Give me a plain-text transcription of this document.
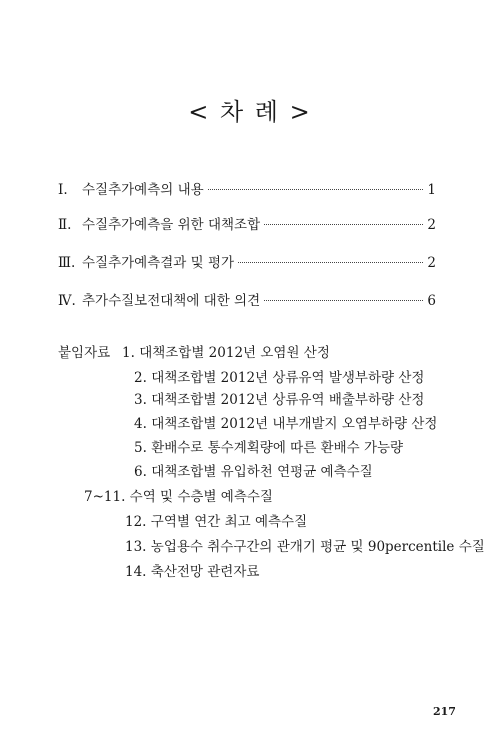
< 차 례 >
Ⅰ.	수질추가예측의 내용	1
Ⅱ. 수질추가예측을 위한 대책조합	2
Ⅲ. 수질추가예측결과 및 평가	2
Ⅳ. 추가수질보전대책에 대한 의견	6
붙임자료 1. 대책조합별 2012년 오염원 산정
2. 대책조합별 2012년 상류유역 발생부하량 산정
3. 대책조합별 2012년 상류유역 배출부하량 산정
4. 대책조합별 2012년 내부개발지 오염부하량 산정
5. 환배수로 통수계획량에 따른 환배수 가능량
6. 대책조합별 유입하천 연평균 예측수질
7~11. 수역 및 수층별 예측수질
12. 구역별 연간 최고 예측수질
13. 농업용수 취수구간의 관개기 평균 및 90percentile 수질
14. 축산전망 관련자료
217
